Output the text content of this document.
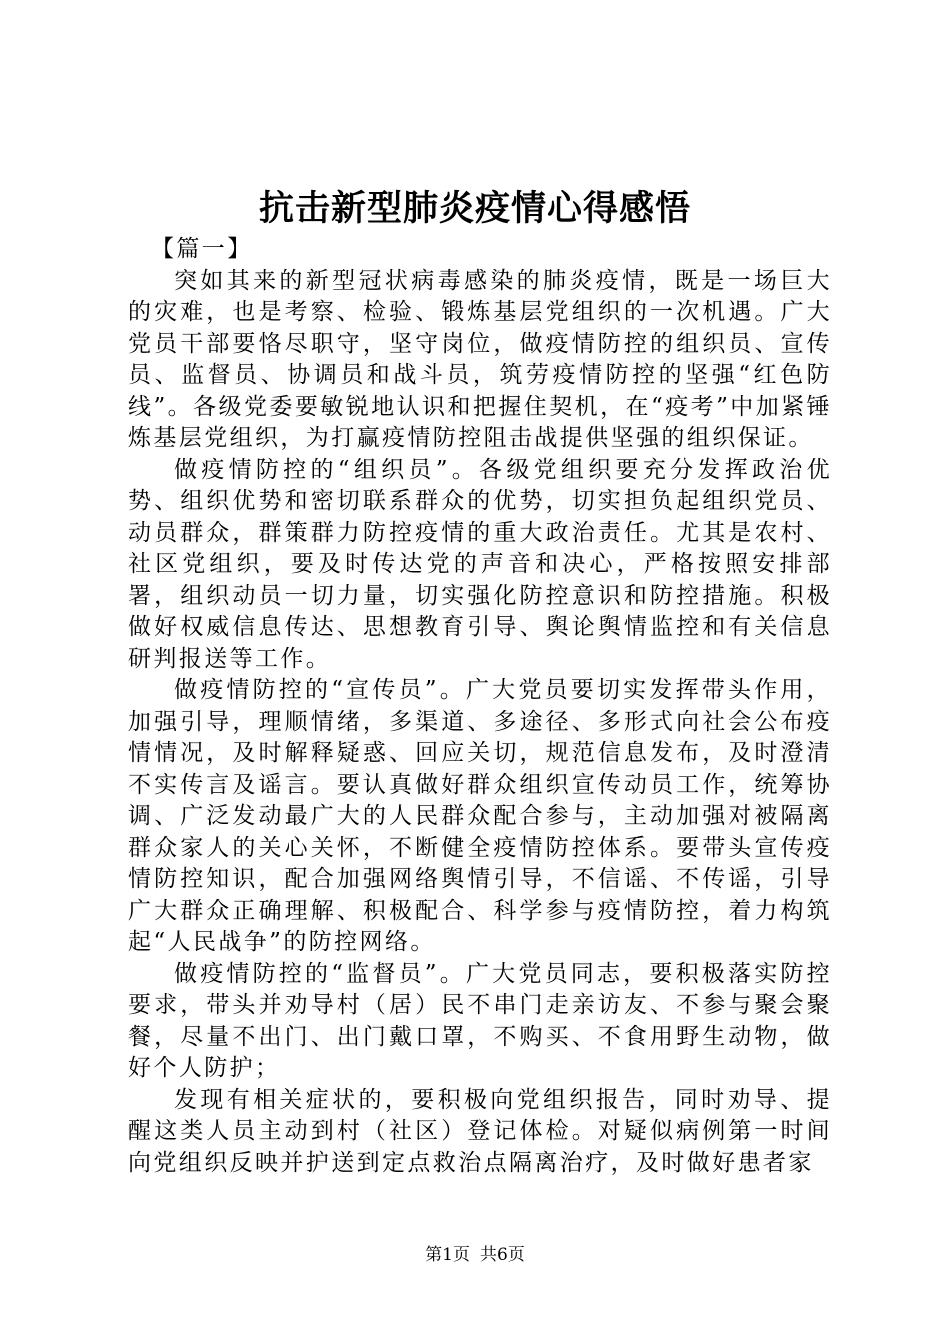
抗击新型肺炎疫情心得感悟

【篇一】

突如其来的新型冠状病毒感染的肺炎疫情，既是一场巨大的灾难，也是考察、检验、锻炼基层党组织的一次机遇。广大党员干部要恪尽职守，坚守岗位，做疫情防控的组织员、宣传员、监督员、协调员和战斗员，筑劳疫情防控的坚强“红色防线”。各级党委要敏锐地认识和把握住契机，在“疫考”中加紧锤炼基层党组织，为打赢疫情防控阻击战提供坚强的组织保证。

做疫情防控的“组织员”。各级党组织要充分发挥政治优势、组织优势和密切联系群众的优势，切实担负起组织党员、动员群众，群策群力防控疫情的重大政治责任。尤其是农村、社区党组织，要及时传达党的声音和决心，严格按照安排部署，组织动员一切力量，切实强化防控意识和防控措施。积极做好权威信息传达、思想教育引导、舆论舆情监控和有关信息研判报送等工作。

做疫情防控的“宣传员”。广大党员要切实发挥带头作用，加强引导，理顺情绪，多渠道、多途径、多形式向社会公布疫情情况，及时解释疑惑、回应关切，规范信息发布，及时澄清不实传言及谣言。要认真做好群众组织宣传动员工作，统筹协调、广泛发动最广大的人民群众配合参与，主动加强对被隔离群众家人的关心关怀，不断健全疫情防控体系。要带头宣传疫情防控知识，配合加强网络舆情引导，不信谣、不传谣，引导广大群众正确理解、积极配合、科学参与疫情防控，着力构筑起“人民战争”的防控网络。

做疫情防控的“监督员”。广大党员同志，要积极落实防控要求，带头并劝导村（居）民不串门走亲访友、不参与聚会聚餐，尽量不出门、出门戴口罩，不购买、不食用野生动物，做好个人防护；

发现有相关症状的，要积极向党组织报告，同时劝导、提醒这类人员主动到村（社区）登记体检。对疑似病例第一时间向党组织反映并护送到定点救治点隔离治疗，及时做好患者家

第1页 共6页
